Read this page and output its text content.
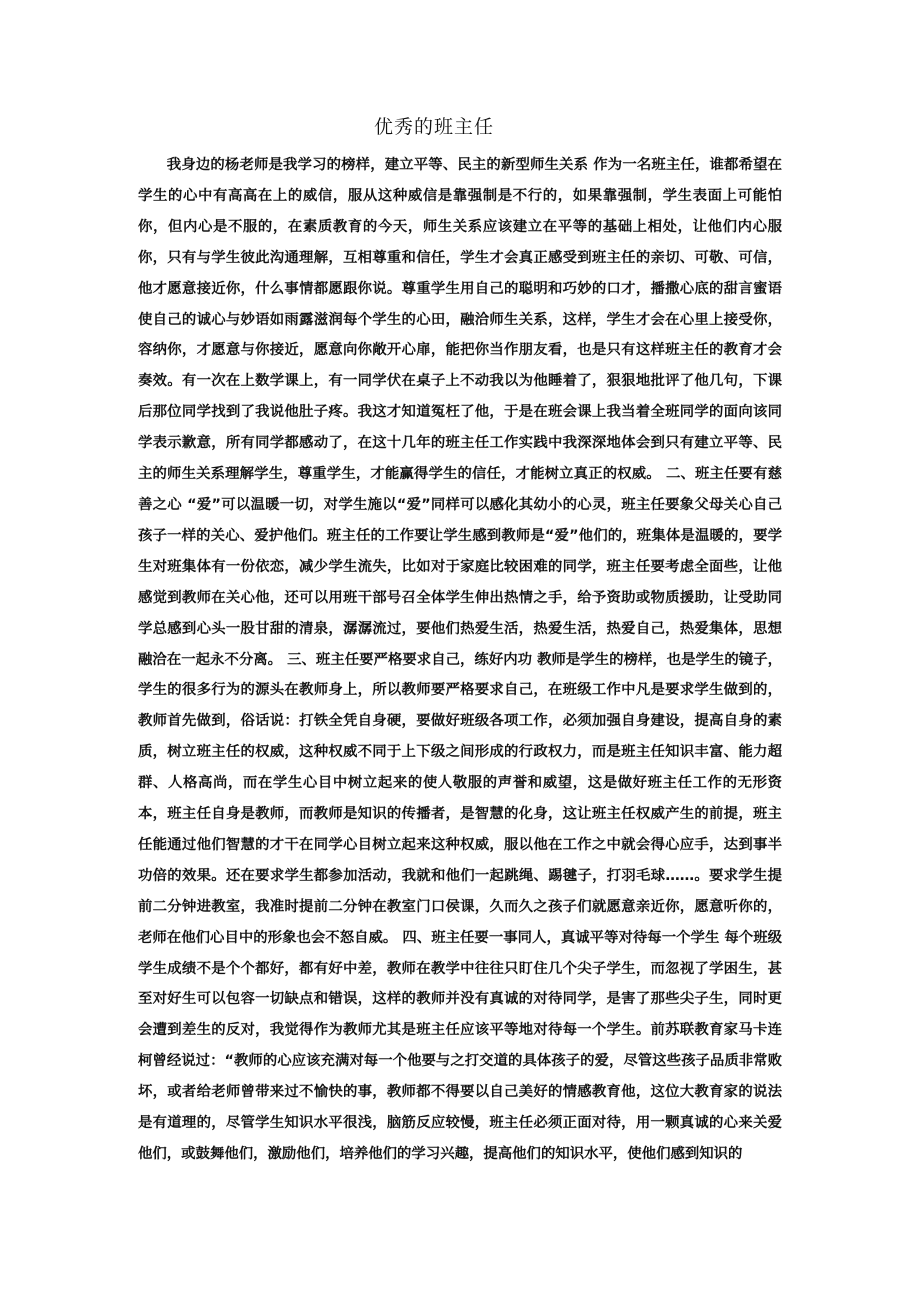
优秀的班主任

我身边的杨老师是我学习的榜样，建立平等、民主的新型师生关系 作为一名班主任，谁都希望在学生的心中有高高在上的威信，服从这种威信是靠强制是不行的，如果靠强制，学生表面上可能怕你，但内心是不服的，在素质教育的今天，师生关系应该建立在平等的基础上相处，让他们内心服你，只有与学生彼此沟通理解，互相尊重和信任，学生才会真正感受到班主任的亲切、可敬、可信，他才愿意接近你，什么事情都愿跟你说。尊重学生用自己的聪明和巧妙的口才，播撒心底的甜言蜜语使自己的诚心与妙语如雨露滋润每个学生的心田，融洽师生关系，这样，学生才会在心里上接受你，容纳你，才愿意与你接近，愿意向你敞开心扉，能把你当作朋友看，也是只有这样班主任的教育才会奏效。有一次在上数学课上，有一同学伏在桌子上不动我以为他睡着了，狠狠地批评了他几句，下课后那位同学找到了我说他肚子疼。我这才知道冤枉了他，于是在班会课上我当着全班同学的面向该同学表示歉意，所有同学都感动了，在这十几年的班主任工作实践中我深深地体会到只有建立平等、民主的师生关系理解学生，尊重学生，才能赢得学生的信任，才能树立真正的权威。 二、班主任要有慈善之心 “爱”可以温暖一切，对学生施以“爱”同样可以感化其幼小的心灵，班主任要象父母关心自己孩子一样的关心、爱护他们。班主任的工作要让学生感到教师是“爱”他们的，班集体是温暖的，要学生对班集体有一份依恋，减少学生流失，比如对于家庭比较困难的同学，班主任要考虑全面些，让他感觉到教师在关心他，还可以用班干部号召全体学生伸出热情之手，给予资助或物质援助，让受助同学总感到心头一股甘甜的清泉，潺潺流过，要他们热爱生活，热爱生活，热爱自己，热爱集体，思想融洽在一起永不分离。 三、班主任要严格要求自己，练好内功 教师是学生的榜样，也是学生的镜子，学生的很多行为的源头在教师身上，所以教师要严格要求自己，在班级工作中凡是要求学生做到的，教师首先做到，俗话说：打铁全凭自身硬，要做好班级各项工作，必须加强自身建设，提高自身的素质，树立班主任的权威，这种权威不同于上下级之间形成的行政权力，而是班主任知识丰富、能力超群、人格高尚，而在学生心目中树立起来的使人敬服的声誉和威望，这是做好班主任工作的无形资本，班主任自身是教师，而教师是知识的传播者，是智慧的化身，这让班主任权威产生的前提，班主任能通过他们智慧的才干在同学心目树立起来这种权威，服以他在工作之中就会得心应手，达到事半功倍的效果。还在要求学生都参加活动，我就和他们一起跳绳、踢毽子，打羽毛球……。要求学生提前二分钟进教室，我准时提前二分钟在教室门口侯课，久而久之孩子们就愿意亲近你，愿意听你的，老师在他们心目中的形象也会不怒自威。 四、班主任要一事同人，真诚平等对待每一个学生 每个班级学生成绩不是个个都好，都有好中差，教师在教学中往往只盯住几个尖子学生，而忽视了学困生，甚至对好生可以包容一切缺点和错误，这样的教师并没有真诚的对待同学，是害了那些尖子生，同时更会遭到差生的反对，我觉得作为教师尤其是班主任应该平等地对待每一个学生。前苏联教育家马卡连柯曾经说过：“教师的心应该充满对每一个他要与之打交道的具体孩子的爱，尽管这些孩子品质非常败坏，或者给老师曾带来过不愉快的事，教师都不得要以自己美好的情感教育他，这位大教育家的说法是有道理的，尽管学生知识水平很浅，脑筋反应较慢，班主任必须正面对待，用一颗真诚的心来关爱他们，或鼓舞他们，激励他们，培养他们的学习兴趣，提高他们的知识水平，使他们感到知识的
